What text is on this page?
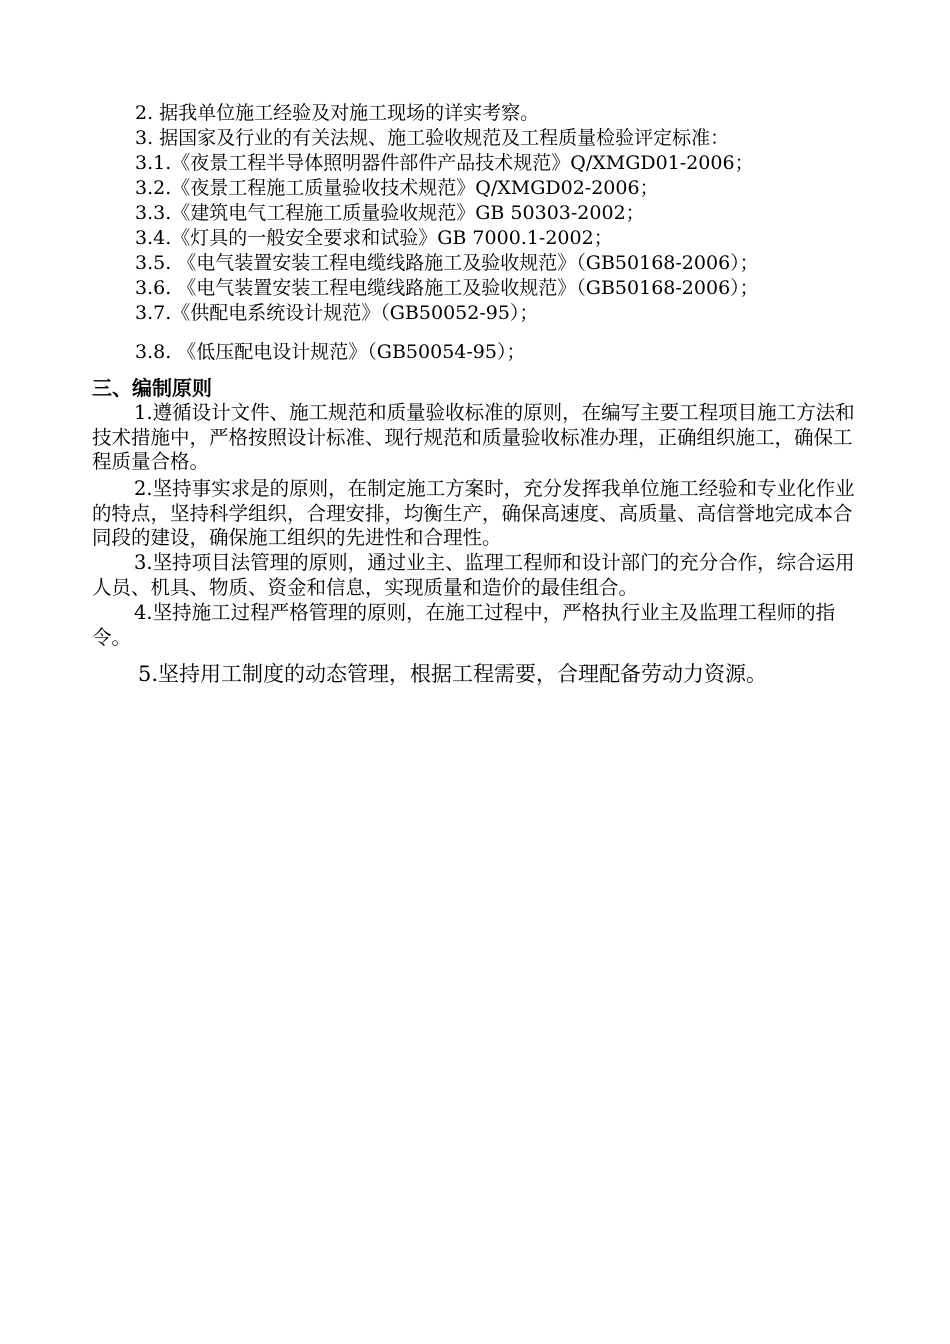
2. 据我单位施工经验及对施工现场的详实考察。
3. 据国家及行业的有关法规、施工验收规范及工程质量检验评定标准：
3.1.《夜景工程半导体照明器件部件产品技术规范》Q/XMGD01-2006；
3.2.《夜景工程施工质量验收技术规范》Q/XMGD02-2006；
3.3.《建筑电气工程施工质量验收规范》GB 50303-2002；
3.4.《灯具的一般安全要求和试验》GB 7000.1-2002；
3.5. 《电气装置安装工程电缆线路施工及验收规范》（GB50168-2006）；
3.6. 《电气装置安装工程电缆线路施工及验收规范》（GB50168-2006）；
3.7.《供配电系统设计规范》（GB50052-95）；
3.8. 《低压配电设计规范》（GB50054-95）；
三、编制原则
1.遵循设计文件、施工规范和质量验收标准的原则，在编写主要工程项目施工方法和技术措施中，严格按照设计标准、现行规范和质量验收标准办理，正确组织施工，确保工程质量合格。
2.坚持事实求是的原则，在制定施工方案时，充分发挥我单位施工经验和专业化作业的特点，坚持科学组织，合理安排，均衡生产，确保高速度、高质量、高信誉地完成本合同段的建设，确保施工组织的先进性和合理性。
3.坚持项目法管理的原则，通过业主、监理工程师和设计部门的充分合作，综合运用人员、机具、物质、资金和信息，实现质量和造价的最佳组合。
4.坚持施工过程严格管理的原则，在施工过程中，严格执行业主及监理工程师的指令。
5.坚持用工制度的动态管理，根据工程需要，合理配备劳动力资源。
